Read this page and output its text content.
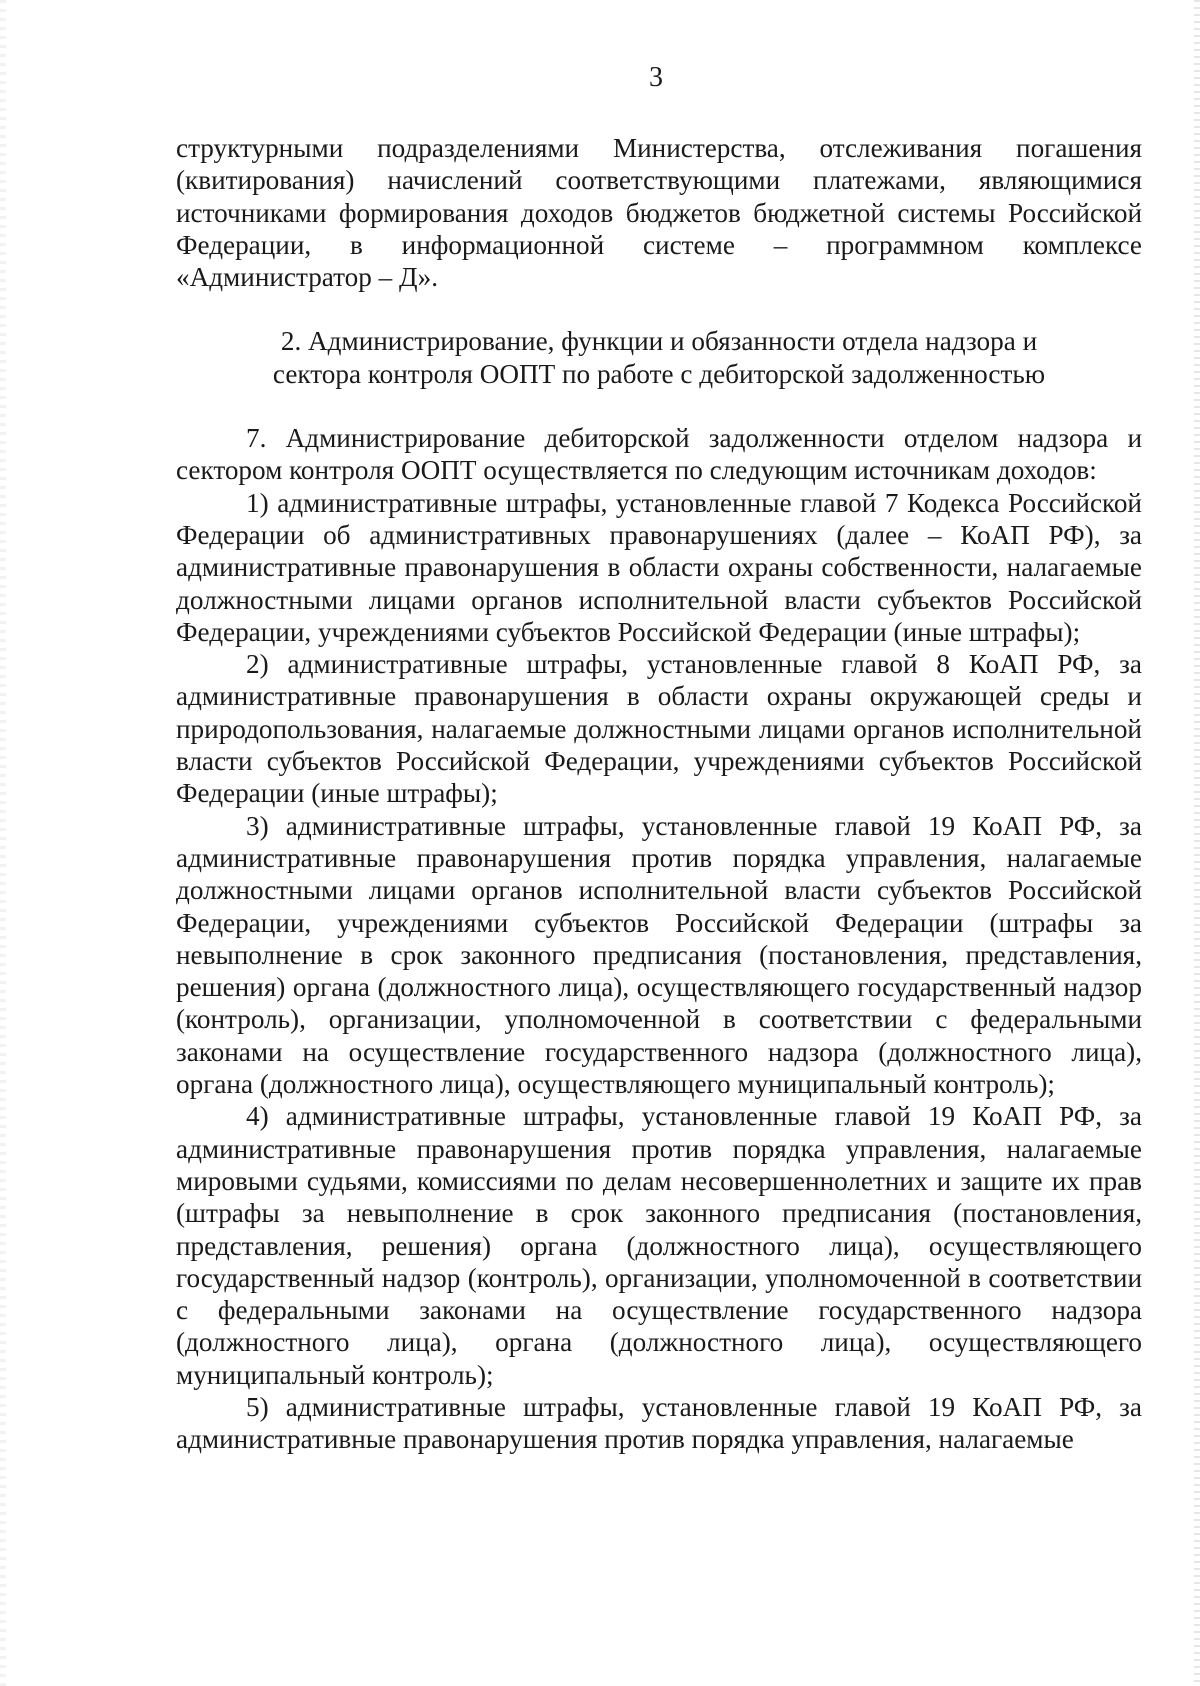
3

структурными подразделениями Министерства, отслеживания погашения (квитирования) начислений соответствующими платежами, являющимися источниками формирования доходов бюджетов бюджетной системы Российской Федерации, в информационной системе – программном комплексе «Администратор – Д».

2. Администрирование, функции и обязанности отдела надзора и
сектора контроля ООПТ по работе с дебиторской задолженностью

7. Администрирование дебиторской задолженности отделом надзора и сектором контроля ООПТ осуществляется по следующим источникам доходов:

1) административные штрафы, установленные главой 7 Кодекса Российской Федерации об административных правонарушениях (далее – КоАП РФ), за административные правонарушения в области охраны собственности, налагаемые должностными лицами органов исполнительной власти субъектов Российской Федерации, учреждениями субъектов Российской Федерации (иные штрафы);

2) административные штрафы, установленные главой 8 КоАП РФ, за административные правонарушения в области охраны окружающей среды и природопользования, налагаемые должностными лицами органов исполнительной власти субъектов Российской Федерации, учреждениями субъектов Российской Федерации (иные штрафы);

3) административные штрафы, установленные главой 19 КоАП РФ, за административные правонарушения против порядка управления, налагаемые должностными лицами органов исполнительной власти субъектов Российской Федерации, учреждениями субъектов Российской Федерации (штрафы за невыполнение в срок законного предписания (постановления, представления, решения) органа (должностного лица), осуществляющего государственный надзор (контроль), организации, уполномоченной в соответствии с федеральными законами на осуществление государственного надзора (должностного лица), органа (должностного лица), осуществляющего муниципальный контроль);

4) административные штрафы, установленные главой 19 КоАП РФ, за административные правонарушения против порядка управления, налагаемые мировыми судьями, комиссиями по делам несовершеннолетних и защите их прав (штрафы за невыполнение в срок законного предписания (постановления, представления, решения) органа (должностного лица), осуществляющего государственный надзор (контроль), организации, уполномоченной в соответствии с федеральными законами на осуществление государственного надзора (должностного лица), органа (должностного лица), осуществляющего муниципальный контроль);

5) административные штрафы, установленные главой 19 КоАП РФ, за административные правонарушения против порядка управления, налагаемые
